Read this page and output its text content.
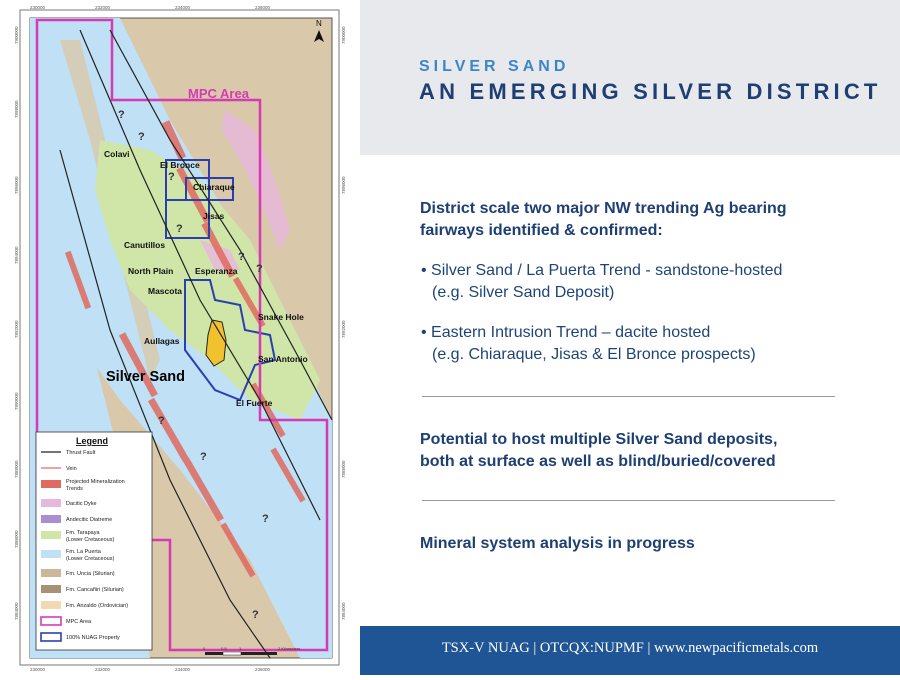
?
?
?
?
?
?
?
?
?
?
Colavi
El Bronce
Chiaraque
Jisas
Canutillos
North Plain	Esperanza
Mascota
Snake Hole
Aullagas
San Antonio
El Fuerte
MPC Area
Silver Sand
N
230000	232000	234000	236000
230000	232000	234000	236000
7900000
7898000
7896000
7894000
7892000
7890000
7888000
7886000
7884000
7900000
7896000
7892000
7888000
7884000
Legend
Thrust Fault
Vein
Projected Mineralization
Trends
Dacitic Dyke
Andecitic Diatreme
Fm. Tarapaya
(Lower Cretaceous)
Fm. La Puerta
(Lower Cretaceous)
Fm. Uncia (Silurian)
Fm. Cancañiri (Silurian)
Fm. Anzaldo (Ordovician)
MPC Area
100% NUAG Property
0	0.5	1	2 Kilometers
SILVER SAND
AN EMERGING SILVER DISTRICT
District scale two major NW trending Ag bearing
fairways identified & confirmed:
• Silver Sand / La Puerta Trend - sandstone-hosted
(e.g. Silver Sand Deposit)
• Eastern Intrusion Trend – dacite hosted
(e.g. Chiaraque, Jisas & El Bronce prospects)
Potential to host multiple Silver Sand deposits,
both at surface as well as blind/buried/covered
Mineral system analysis in progress
TSX-V NUAG | OTCQX:NUPMF | www.newpacificmetals.com
